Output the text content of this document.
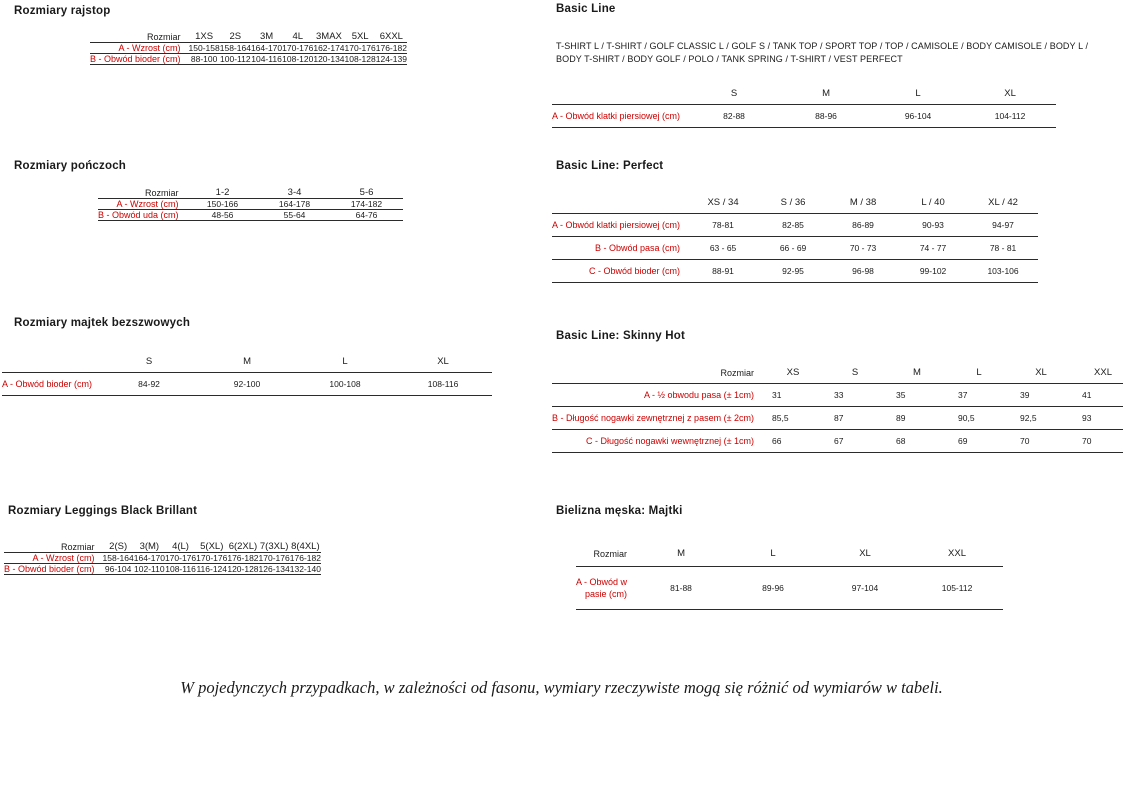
Rozmiary rajstop
Rozmiar	1XS	2S	3M	4L	3MAX	5XL	6XXL
A - Wzrost (cm)	150-158	158-164	164-170	170-176	162-174	170-176	176-182
B - Obwód bioder (cm)	88-100	100-112	104-116	108-120	120-134	108-128	124-139
Rozmiary pończoch
Rozmiar	1-2	3-4	5-6
A - Wzrost (cm)	150-166	164-178	174-182
B - Obwód uda (cm)	48-56	55-64	64-76
Rozmiary majtek bezszwowych
	S	M	L	XL
A - Obwód bioder (cm)	84-92	92-100	100-108	108-116
Rozmiary Leggings Black Brillant
Rozmiar	2(S)	3(M)	4(L)	5(XL)	6(2XL)	7(3XL)	8(4XL)
A - Wzrost (cm)	158-164	164-170	170-176	170-176	176-182	170-176	176-182
B - Obwód bioder (cm)	96-104	102-110	108-116	116-124	120-128	126-134	132-140
Basic Line
T-SHIRT L / T-SHIRT / GOLF CLASSIC L / GOLF S / TANK TOP / SPORT TOP / TOP / CAMISOLE / BODY CAMISOLE / BODY L / BODY T-SHIRT / BODY GOLF / POLO / TANK SPRING / T-SHIRT / VEST PERFECT
	S	M	L	XL
A - Obwód klatki piersiowej (cm)	82-88	88-96	96-104	104-112
Basic Line: Perfect
	XS / 34	S / 36	M / 38	L / 40	XL / 42
A - Obwód klatki piersiowej (cm)	78-81	82-85	86-89	90-93	94-97
B - Obwód pasa (cm)	63 - 65	66 - 69	70 - 73	74 - 77	78 - 81
C - Obwód bioder (cm)	88-91	92-95	96-98	99-102	103-106
Basic Line: Skinny Hot
Rozmiar	XS	S	M	L	XL	XXL
A - ½ obwodu pasa (± 1cm)	31	33	35	37	39	41
B - Długość nogawki zewnętrznej z pasem (± 2cm)	85,5	87	89	90,5	92,5	93
C - Długość nogawki wewnętrznej (± 1cm)	66	67	68	69	70	70
Bielizna męska: Majtki
Rozmiar	M	L	XL	XXL
A - Obwód w
pasie (cm)	81-88	89-96	97-104	105-112
W pojedynczych przypadkach, w zależności od fasonu, wymiary rzeczywiste mogą się różnić od wymiarów w tabeli.
